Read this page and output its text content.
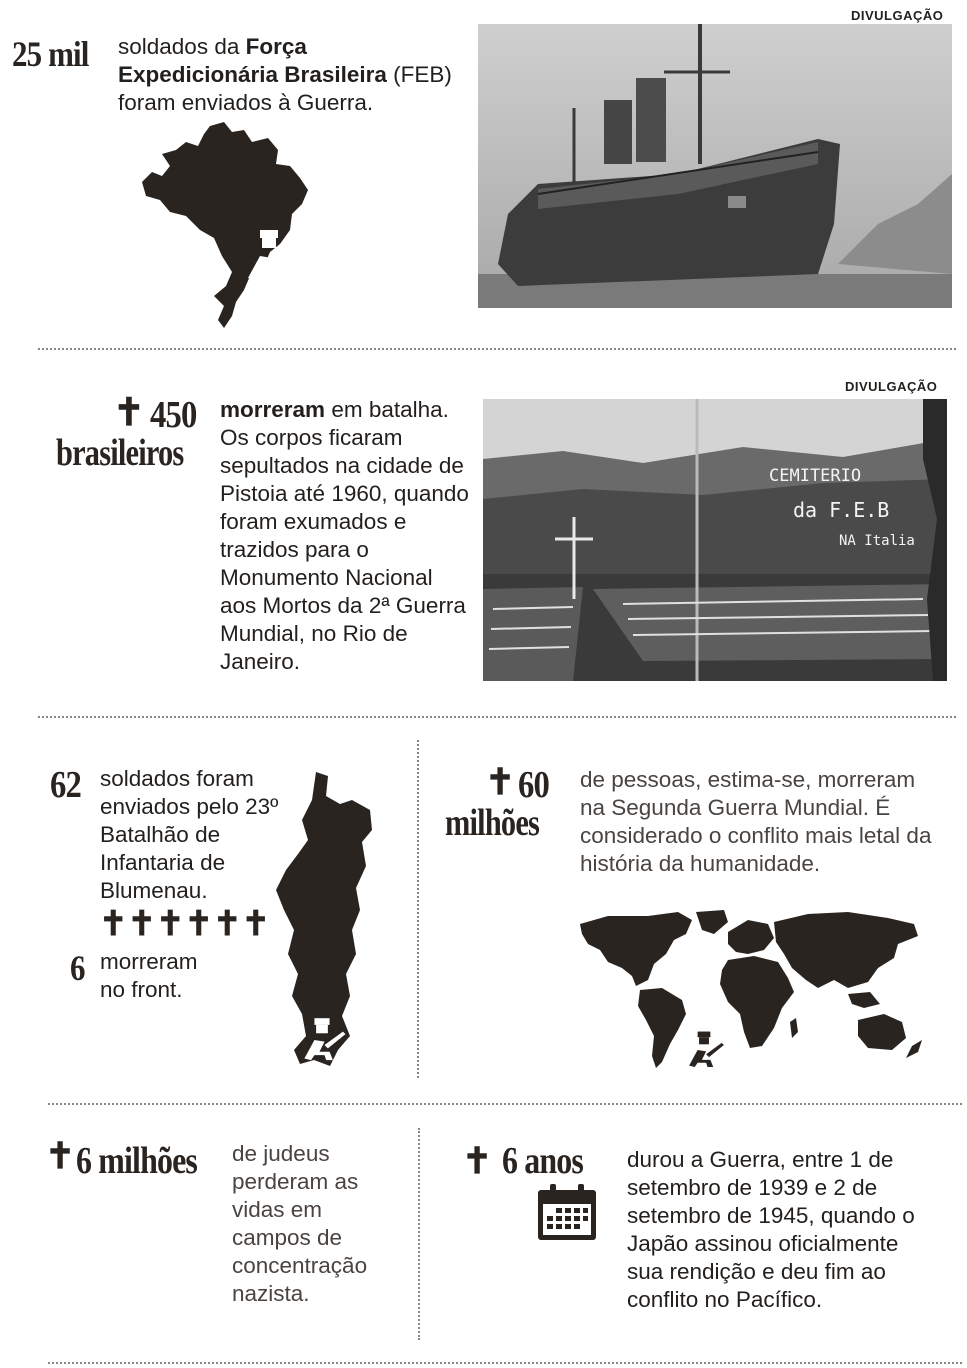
DIVULGAÇÃO
25 mil soldados da Força Expedicionária Brasileira (FEB) foram enviados à Guerra.
DIVULGAÇÃO
✝ 450
brasileiros
morreram em batalha. Os corpos ficaram sepultados na cidade de Pistoia até 1960, quando foram exumados e trazidos para o Monumento Nacional aos Mortos da 2ª Guerra Mundial, no Rio de Janeiro.
CEMITERIO
da F.E.B
NA Italia
62 soldados foram enviados pelo 23º Batalhão de Infantaria de Blumenau.
✝✝✝✝✝✝
6 morreram no front.
✝ 60
milhões
de pessoas, estima-se, morreram na Segunda Guerra Mundial. É considerado o conflito mais letal da história da humanidade.
✝ 6 milhões de judeus perderam as vidas em campos de concentração nazista.
✝ 6 anos durou a Guerra, entre 1 de setembro de 1939 e 2 de setembro de 1945, quando o Japão assinou oficialmente sua rendição e deu fim ao conflito no Pacífico.
